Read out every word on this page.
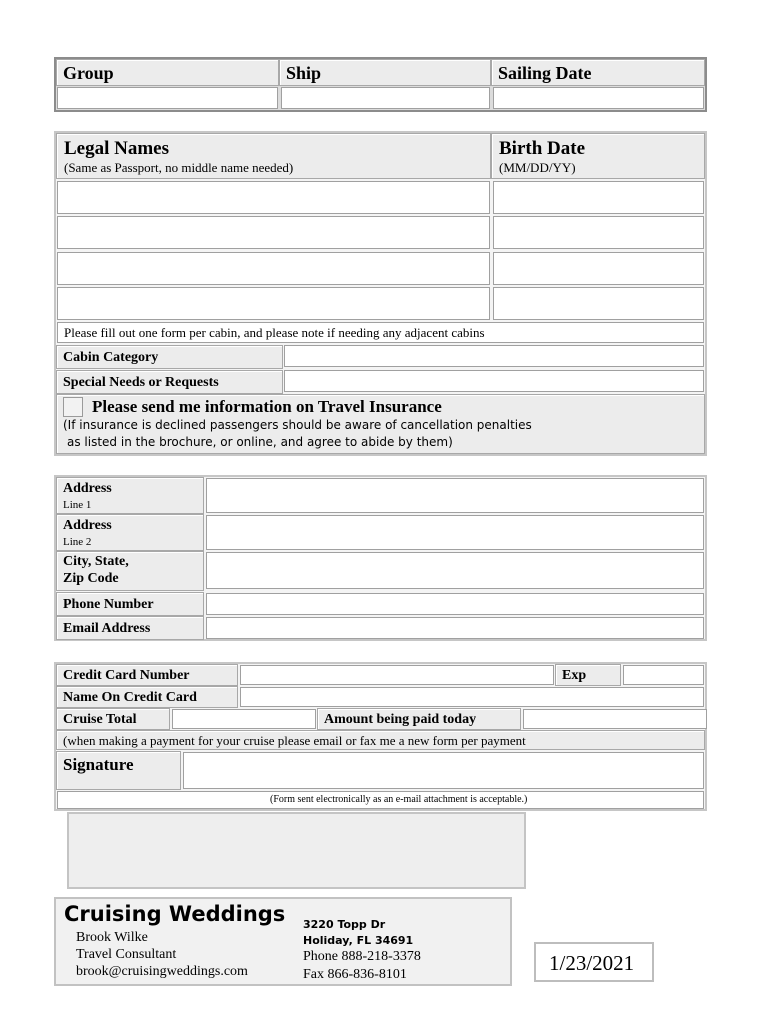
Group	Ship	Sailing Date
Legal Names
(Same as Passport, no middle name needed)
Birth Date
(MM/DD/YY)
Please fill out one form per cabin, and please note if needing any adjacent cabins
Cabin Category
Special Needs or Requests
Please send me information on Travel Insurance
(If insurance is declined passengers should be aware of cancellation penalties
as listed in the brochure, or online, and agree to abide by them)
Address
Line 1
Address
Line 2
City, State,
Zip Code
Phone Number
Email Address
Credit Card Number	Exp
Name On Credit Card
Cruise Total	Amount being paid today
(when making a payment for your cruise please email or fax me a new form per payment
Signature
(Form sent electronically as an e-mail attachment is acceptable.)
Cruising Weddings
Brook Wilke
Travel Consultant
brook@cruisingweddings.com
3220 Topp Dr
Holiday, FL 34691
Phone 888-218-3378
Fax 866-836-8101	1/23/2021
